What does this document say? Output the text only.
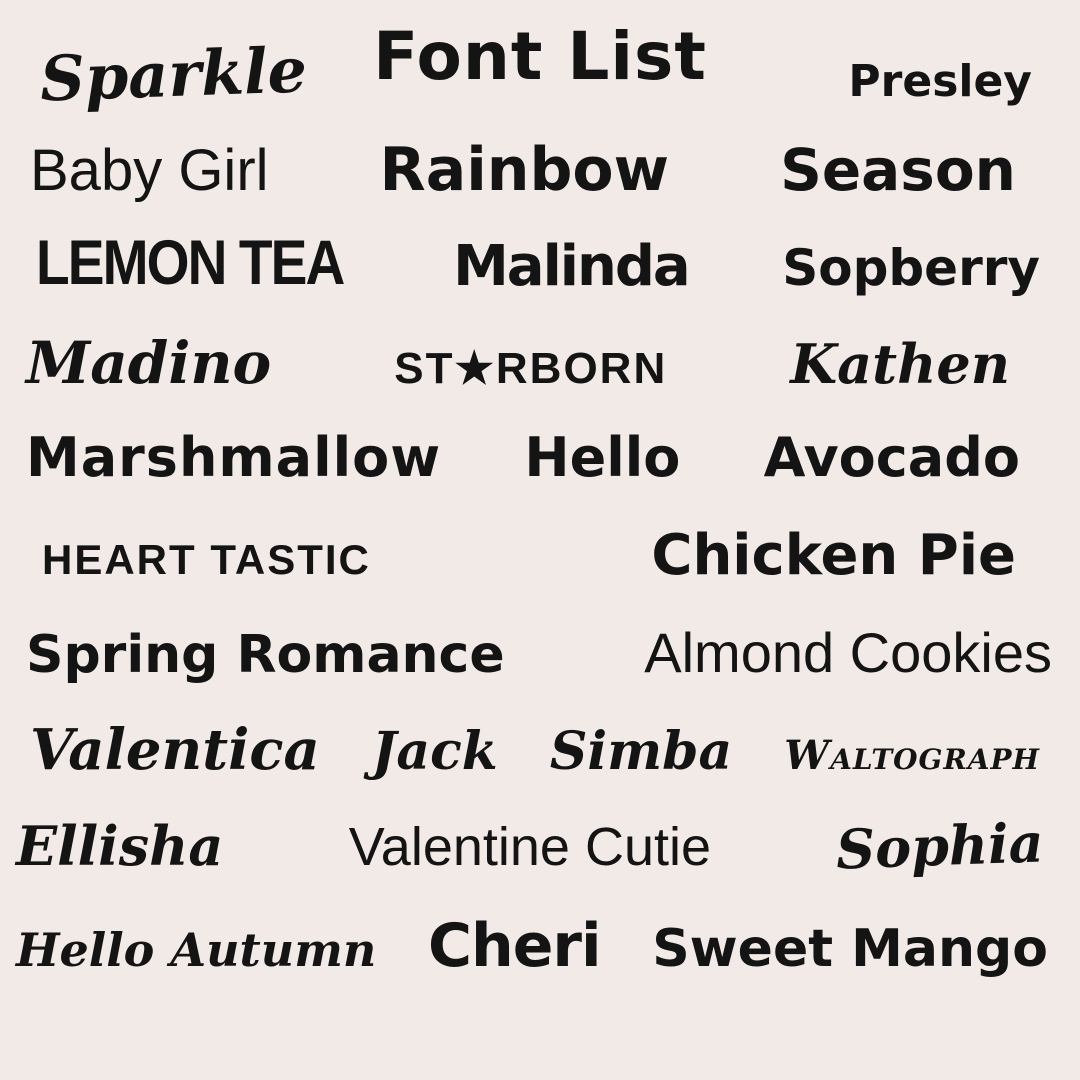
Font List
Sparkle	Presley
Baby Girl Rainbow Season
LEMON TEA Malinda Sopberry
Madino	ST★RBORN Kathen
Marshmallow Hello Avocado
HEART TASTIC	Chicken Pie
Spring Romance Almond Cookies
Valentica Jack Simba Waltograph
Ellisha Valentine Cutie Sophia
Hello Autumn Cheri Sweet Mango
